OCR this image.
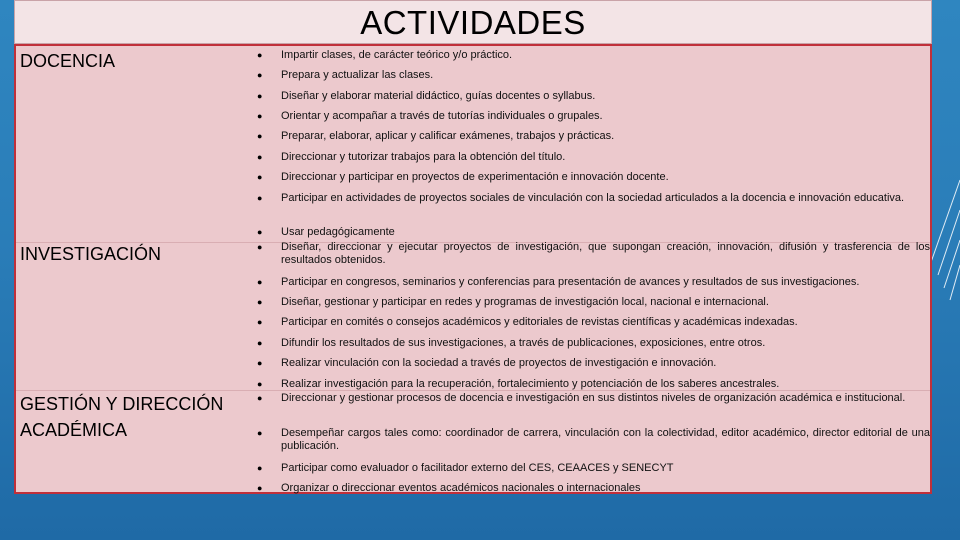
ACTIVIDADES
DOCENCIA	●	Impartir clases, de carácter teórico y/o práctico.
●	Prepara y actualizar las clases.
●	Diseñar y elaborar material didáctico, guías docentes o syllabus.
●	Orientar y acompañar a través de tutorías individuales o grupales.
●	Preparar, elaborar, aplicar y calificar exámenes, trabajos y prácticas.
●	Direccionar y tutorizar trabajos para la obtención del título.
●	Direccionar y participar en proyectos de experimentación e innovación docente.
●	Participar en actividades de proyectos sociales de vinculación con la sociedad articulados a la docencia e innovación educativa.
●	Usar pedagógicamente
INVESTIGACIÓN	●	Diseñar, direccionar y ejecutar proyectos de investigación, que supongan creación, innovación, difusión y trasferencia de los resultados obtenidos.
●	Participar en congresos, seminarios y conferencias para presentación de avances y resultados de sus investigaciones.
●	Diseñar, gestionar y participar en redes y programas de investigación local, nacional e internacional.
●	Participar en comités o consejos académicos y editoriales de revistas científicas y académicas indexadas.
●	Difundir los resultados de sus investigaciones, a través de publicaciones, exposiciones, entre otros.
●	Realizar vinculación con la sociedad a través de proyectos de investigación e innovación.
●	Realizar investigación para la recuperación, fortalecimiento y potenciación de los saberes ancestrales.
GESTIÓN Y DIRECCIÓN
ACADÉMICA
●	Direccionar y gestionar procesos de docencia e investigación en sus distintos niveles de organización académica e institucional.
●	Desempeñar cargos tales como: coordinador de carrera, vinculación con la colectividad, editor académico, director editorial de una publicación.
●	Participar como evaluador o facilitador externo del CES, CEAACES y SENECYT
●	Organizar o direccionar eventos académicos nacionales o internacionales
